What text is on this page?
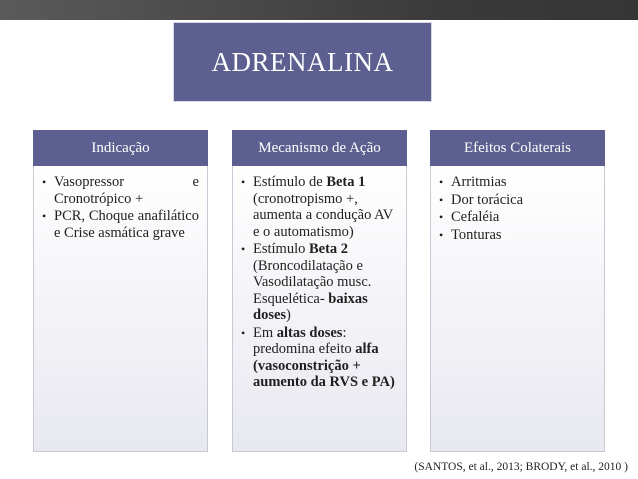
ADRENALINA
Indicação
• Vasopressor e Cronotrópico +
• PCR, Choque anafilático e Crise asmática grave
Mecanismo de Ação
• Estímulo de Beta 1 (cronotropismo +, aumenta a condução AV e o automatismo)
• Estímulo Beta 2 (Broncodilatação e Vasodilatação musc. Esquelética- baixas doses)
• Em altas doses: predomina efeito alfa (vasoconstrição + aumento da RVS e PA)
Efeitos Colaterais
• Arritmias
• Dor torácica
• Cefaléia
• Tonturas
(SANTOS, et al., 2013; BRODY, et al., 2010 )
